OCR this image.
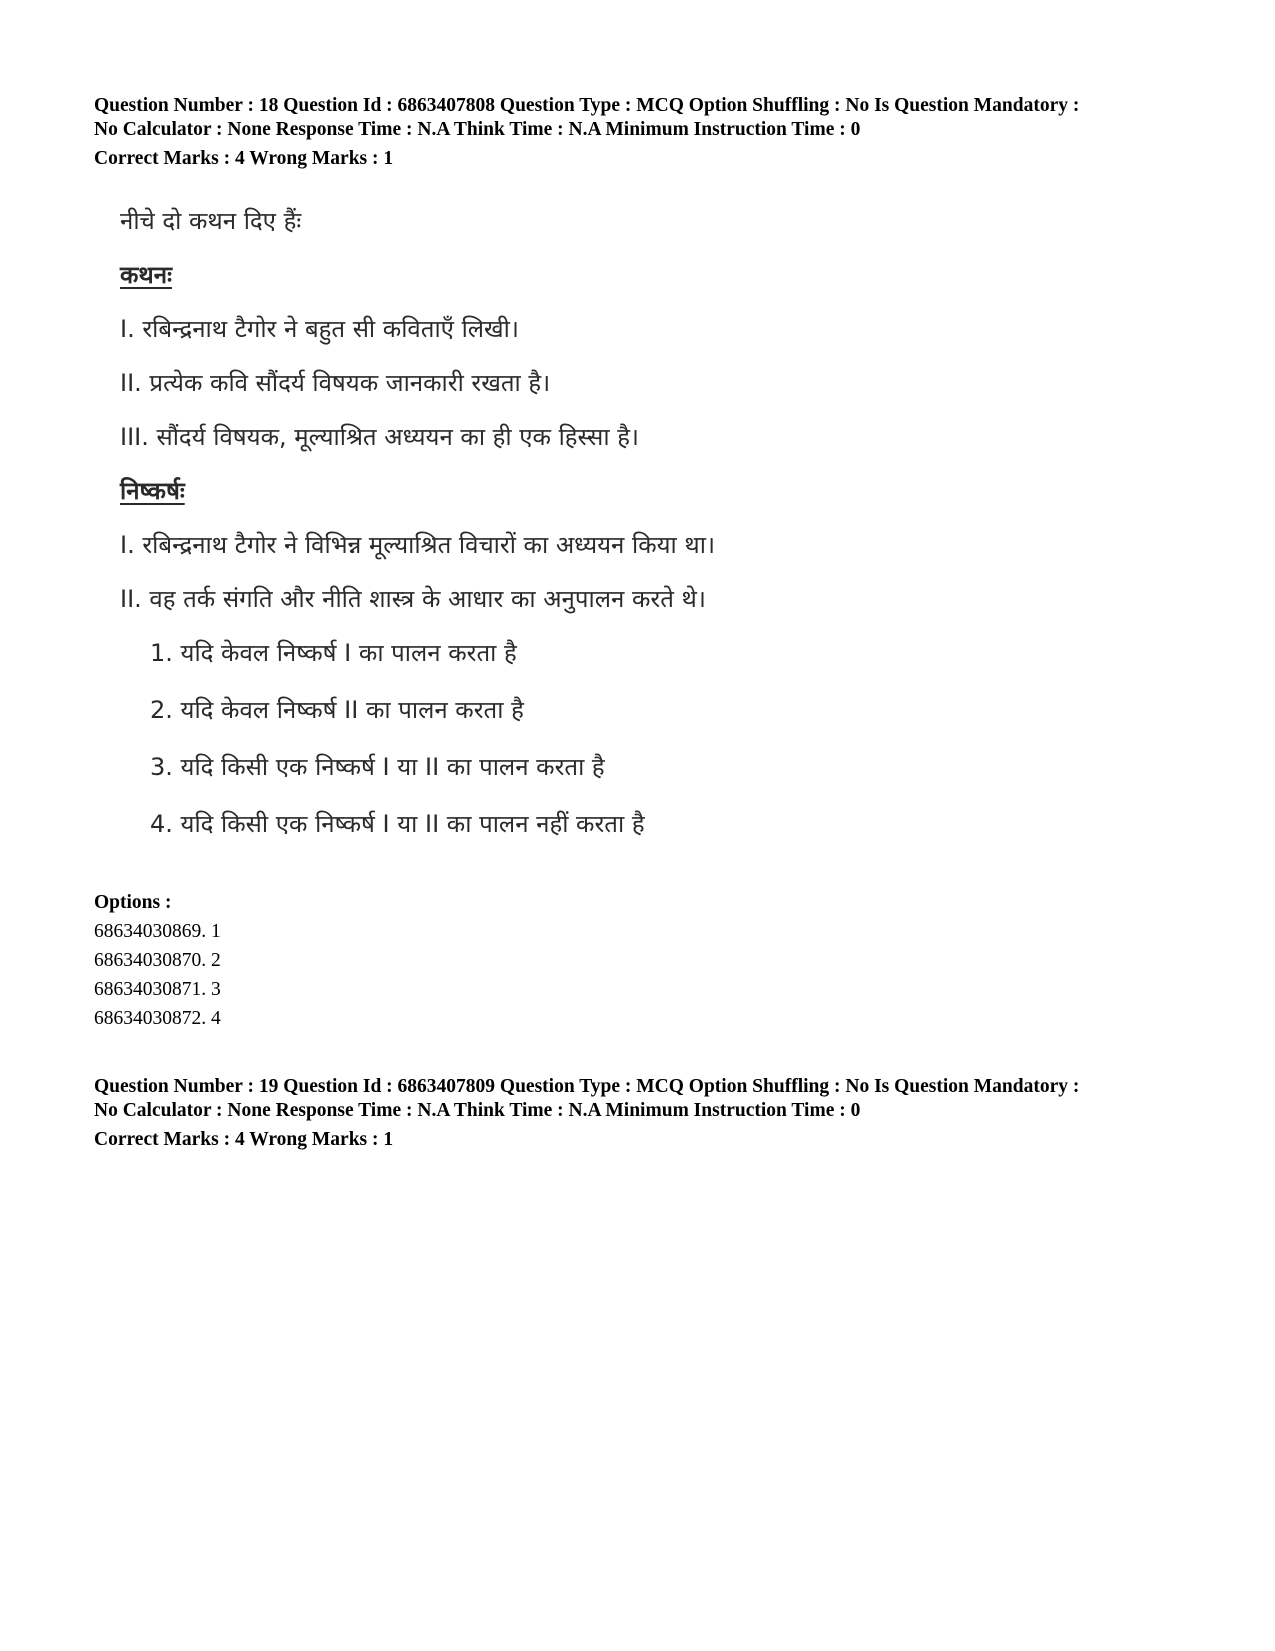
Question Number : 18 Question Id : 6863407808 Question Type : MCQ Option Shuffling : No Is Question Mandatory :
No Calculator : None Response Time : N.A Think Time : N.A Minimum Instruction Time : 0
Correct Marks : 4 Wrong Marks : 1
नीचे दो कथन दिए हैंः
कथनः
I. रबिन्द्रनाथ टैगोर ने बहुत सी कविताएँ लिखी।
II. प्रत्येक कवि सौंदर्य विषयक जानकारी रखता है।
III. सौंदर्य विषयक, मूल्याश्रित अध्ययन का ही एक हिस्सा है।
निष्कर्षः
I. रबिन्द्रनाथ टैगोर ने विभिन्न मूल्याश्रित विचारों का अध्ययन किया था।
II. वह तर्क संगति और नीति शास्त्र के आधार का अनुपालन करते थे।
1. यदि केवल निष्कर्ष I का पालन करता है
2. यदि केवल निष्कर्ष II का पालन करता है
3. यदि किसी एक निष्कर्ष I या II का पालन करता है
4. यदि किसी एक निष्कर्ष I या II का पालन नहीं करता है
Options :
68634030869. 1
68634030870. 2
68634030871. 3
68634030872. 4
Question Number : 19 Question Id : 6863407809 Question Type : MCQ Option Shuffling : No Is Question Mandatory :
No Calculator : None Response Time : N.A Think Time : N.A Minimum Instruction Time : 0
Correct Marks : 4 Wrong Marks : 1
